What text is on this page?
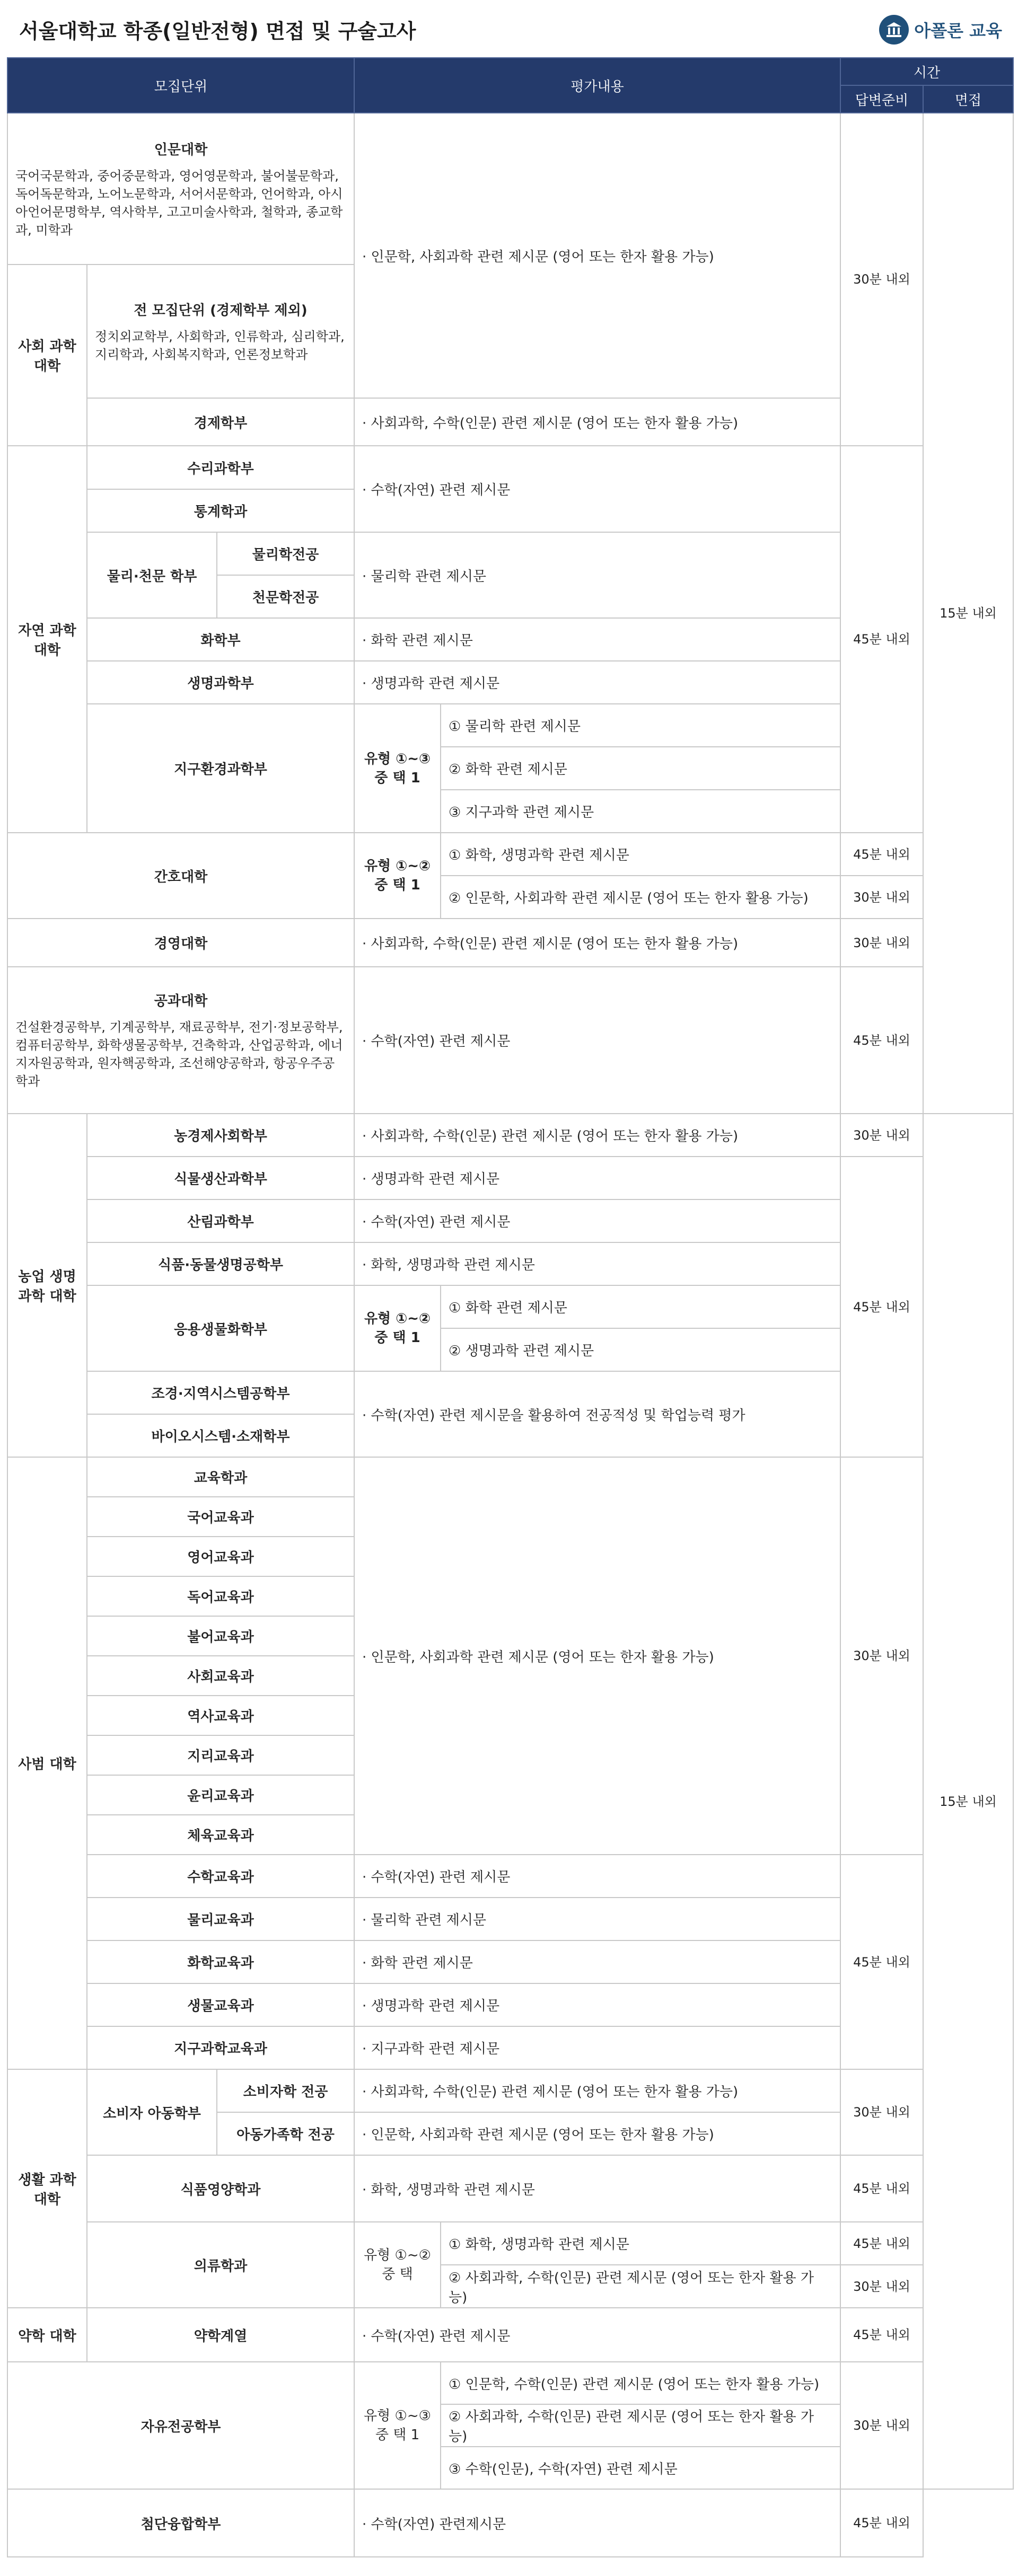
서울대학교 학종(일반전형) 면접 및 구술고사	아폴론 교육
모집단위			평가내용		시간	
					답변준비	면접

인문대학
국어국문학과, 중어중문학과, 영어영문학과, 불어불문학과, 독어독문학과, 노어노문학과, 서어서문학과, 언어학과, 아시아언어문명학부, 역사학부, 고고미술사학과, 철학과, 종교학과, 미학과			· 인문학, 사회과학 관련 제시문 (영어 또는 한자 활용 가능)		30분 내외	15분 내외
사회 과학 대학	전 모집단위 (경제학부 제외)
정치외교학부, 사회학과, 인류학과, 심리학과, 지리학과, 사회복지학과, 언론정보학과					

	경제학부		· 사회과학, 수학(인문) 관련 제시문 (영어 또는 한자 활용 가능)			
자연 과학 대학	수리과학부		· 수학(자연) 관련 제시문		45분 내외	
	통계학과					
	물리·천문 학부	물리학전공	· 물리학 관련 제시문			
		천문학전공				
	화학부		· 화학 관련 제시문			
	생명과학부		· 생명과학 관련 제시문			
	지구환경과학부		유형 ①~③ 중 택 1	① 물리학 관련 제시문		
				② 화학 관련 제시문		
				③ 지구과학 관련 제시문		
간호대학			유형 ①~② 중 택 1	① 화학, 생명과학 관련 제시문	45분 내외	
				② 인문학, 사회과학 관련 제시문 (영어 또는 한자 활용 가능)	30분 내외	
경영대학			· 사회과학, 수학(인문) 관련 제시문 (영어 또는 한자 활용 가능)		30분 내외	

공과대학
건설환경공학부, 기계공학부, 재료공학부, 전기·정보공학부, 컴퓨터공학부, 화학생물공학부, 건축학과, 산업공학과, 에너지자원공학과, 원자핵공학과, 조선해양공학과, 항공우주공학과			· 수학(자연) 관련 제시문		45분 내외	
농업 생명 과학 대학	농경제사회학부		· 사회과학, 수학(인문) 관련 제시문 (영어 또는 한자 활용 가능)		30분 내외	15분 내외
	식물생산과학부		· 생명과학 관련 제시문		45분 내외	
	산림과학부		· 수학(자연) 관련 제시문			
	식품·동물생명공학부		· 화학, 생명과학 관련 제시문			
	응용생물화학부		유형 ①~② 중 택 1	① 화학 관련 제시문		
				② 생명과학 관련 제시문		
	조경·지역시스템공학부		· 수학(자연) 관련 제시문을 활용하여 전공적성 및 학업능력 평가			
	바이오시스템·소재학부					
사범 대학	교육학과		· 인문학, 사회과학 관련 제시문 (영어 또는 한자 활용 가능)		30분 내외	
	국어교육과					
	영어교육과					
	독어교육과					
	불어교육과					
	사회교육과					
	역사교육과					
	지리교육과					
	윤리교육과					
	체육교육과					
	수학교육과		· 수학(자연) 관련 제시문		45분 내외	
	물리교육과		· 물리학 관련 제시문			
	화학교육과		· 화학 관련 제시문			
	생물교육과		· 생명과학 관련 제시문			
	지구과학교육과		· 지구과학 관련 제시문			
생활 과학 대학	소비자 아동학부	소비자학 전공	· 사회과학, 수학(인문) 관련 제시문 (영어 또는 한자 활용 가능)		30분 내외	
		아동가족학 전공	· 인문학, 사회과학 관련 제시문 (영어 또는 한자 활용 가능)			
	식품영양학과		· 화학, 생명과학 관련 제시문		45분 내외	
	의류학과		유형 ①~② 중 택	① 화학, 생명과학 관련 제시문	45분 내외	
				② 사회과학, 수학(인문) 관련 제시문 (영어 또는 한자 활용 가능)	30분 내외	
약학 대학	약학계열		· 수학(자연) 관련 제시문		45분 내외	
자유전공학부			유형 ①~③ 중 택 1	① 인문학, 수학(인문) 관련 제시문 (영어 또는 한자 활용 가능)	30분 내외	
				② 사회과학, 수학(인문) 관련 제시문 (영어 또는 한자 활용 가능)		
				③ 수학(인문), 수학(자연) 관련 제시문		
첨단융합학부			· 수학(자연) 관련제시문		45분 내외	
